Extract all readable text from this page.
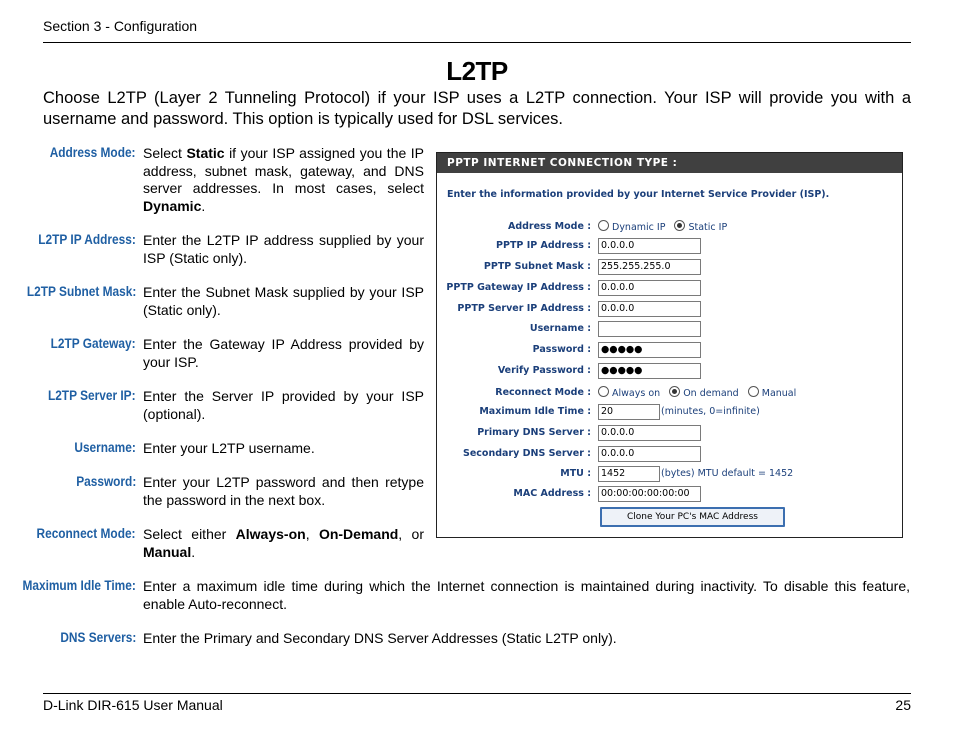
Section 3 - Configuration
L2TP
Choose L2TP (Layer 2 Tunneling Protocol) if your ISP uses a L2TP connection. Your ISP will provide you with a username and password. This option is typically used for DSL services.
Address Mode: Select Static if your ISP assigned you the IP address, subnet mask, gateway, and DNS server addresses. In most cases, select Dynamic.
L2TP IP Address: Enter the L2TP IP address supplied by your ISP (Static only).
L2TP Subnet Mask: Enter the Subnet Mask supplied by your ISP (Static only).
L2TP Gateway: Enter the Gateway IP Address provided by your ISP.
L2TP Server IP: Enter the Server IP provided by your ISP (optional).
Username: Enter your L2TP username.
Password: Enter your L2TP password and then retype the password in the next box.
Reconnect Mode: Select either Always-on, On-Demand, or Manual.
Maximum Idle Time: Enter a maximum idle time during which the Internet connection is maintained during inactivity. To disable this feature, enable Auto-reconnect.
DNS Servers: Enter the Primary and Secondary DNS Server Addresses (Static L2TP only).
PPTP INTERNET CONNECTION TYPE :
Enter the information provided by your Internet Service Provider (ISP).
Address Mode :	Dynamic IP Static IP
PPTP IP Address :	0.0.0.0
PPTP Subnet Mask :	255.255.255.0
PPTP Gateway IP Address :	0.0.0.0
PPTP Server IP Address :	0.0.0.0
Username :
Password :	●●●●●
Verify Password :	●●●●●
Reconnect Mode :	Always on On demand Manual
Maximum Idle Time :	20	(minutes, 0=infinite)
Primary DNS Server :	0.0.0.0
Secondary DNS Server :	0.0.0.0
MTU :	1452	(bytes) MTU default = 1452
MAC Address :	00:00:00:00:00:00
Clone Your PC's MAC Address
D-Link DIR-615 User Manual	25
